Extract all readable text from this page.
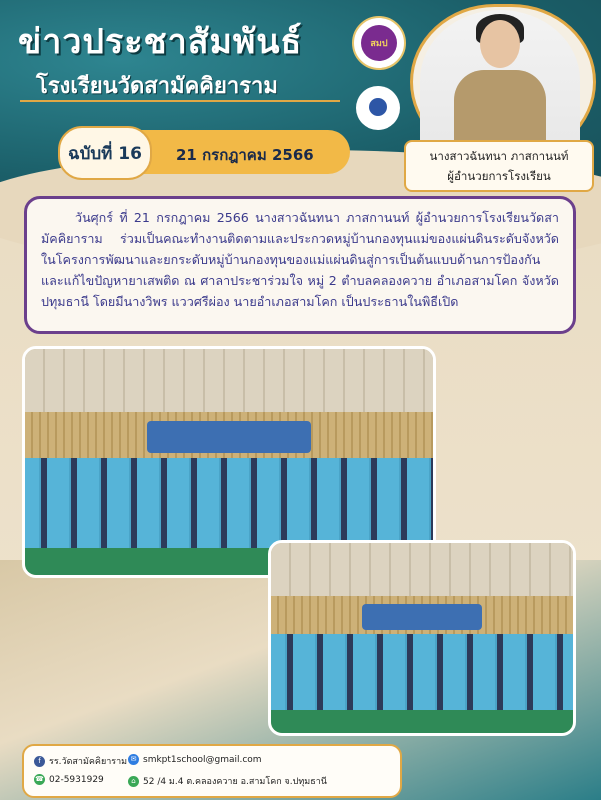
ข่าวประชาสัมพันธ์
โรงเรียนวัดสามัคคิยาราม
สมป
นางสาวฉันทนา ภาสกานนท์
ผู้อำนวยการโรงเรียน
ฉบับที่ 16 21 กรกฎาคม 2566

วันศุกร์ ที่ 21 กรกฎาคม 2566 นางสาวฉันทนา ภาสกานนท์ ผู้อำนวยการโรงเรียนวัดสามัคคิยาราม ร่วมเป็นคณะทำงานติดตามและประกวดหมู่บ้านกองทุนแม่ของแผ่นดินระดับจังหวัด ในโครงการพัฒนาและยกระดับหมู่บ้านกองทุนของแม่แผ่นดินสู่การเป็นต้นแบบด้านการป้องกันและแก้ไขปัญหายาเสพติด ณ ศาลาประชาร่วมใจ หมู่ 2 ตำบลคลองควาย อำเภอสามโคก จังหวัดปทุมธานี โดยมีนางวิพร แววศรีผ่อง นายอำเภอสามโคก เป็นประธานในพิธีเปิด

f รร.วัดสามัคคิยาราม ✉ smkpt1school@gmail.com
☎ 02-5931929	⌂ 52 /4 ม.4 ต.คลองควาย อ.สามโคก จ.ปทุมธานี
